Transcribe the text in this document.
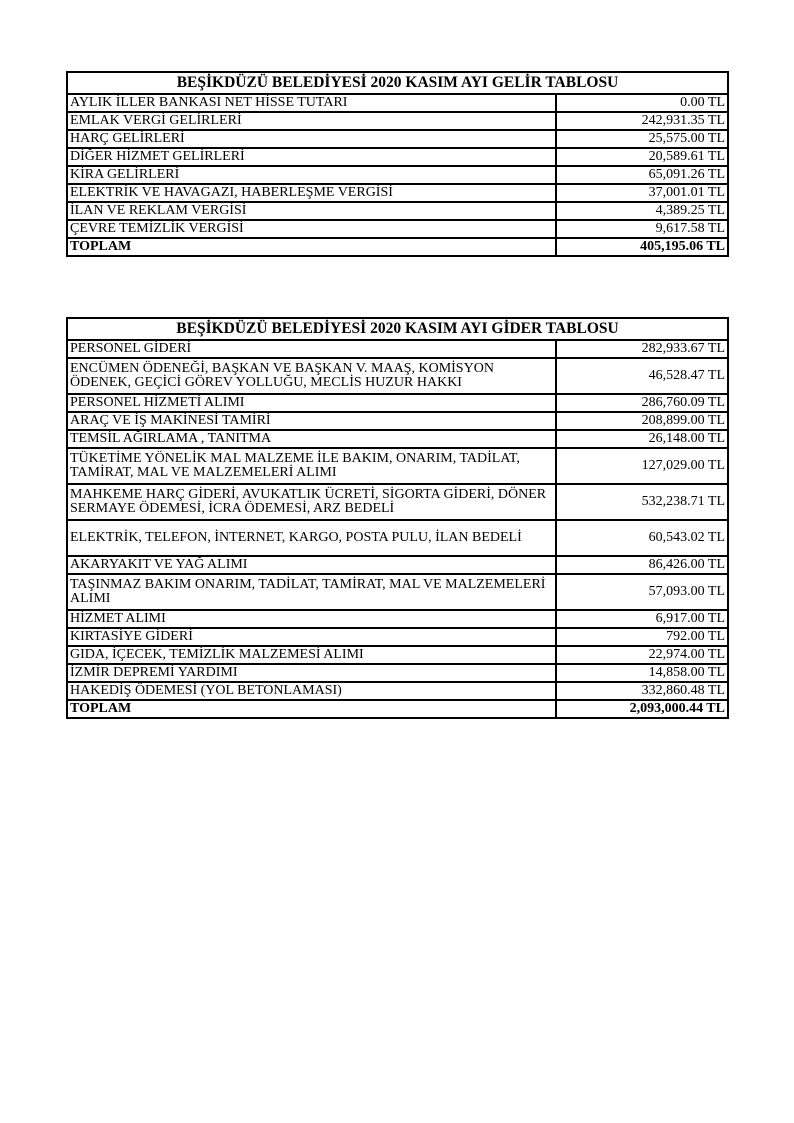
BEŞİKDÜZÜ BELEDİYESİ 2020 KASIM AYI GELİR TABLOSU	
AYLIK İLLER BANKASI NET HİSSE TUTARI	0.00 TL
EMLAK VERGİ GELİRLERİ	242,931.35 TL
HARÇ GELİRLERİ	25,575.00 TL
DİĞER HİZMET GELİRLERİ	20,589.61 TL
KİRA GELİRLERİ	65,091.26 TL
ELEKTRİK VE HAVAGAZI, HABERLEŞME VERGİSİ	37,001.01 TL
İLAN VE REKLAM VERGİSİ	4,389.25 TL
ÇEVRE TEMİZLİK VERGİSİ	9,617.58 TL
TOPLAM	405,195.06 TL
BEŞİKDÜZÜ BELEDİYESİ 2020 KASIM AYI GİDER TABLOSU	
PERSONEL GİDERİ	282,933.67 TL
ENCÜMEN ÖDENEĞİ, BAŞKAN VE BAŞKAN V. MAAŞ, KOMİSYON ÖDENEK, GEÇİCİ GÖREV YOLLUĞU, MECLİS HUZUR HAKKI	46,528.47 TL
PERSONEL HİZMETİ ALIMI	286,760.09 TL
ARAÇ VE İŞ MAKİNESİ TAMİRİ	208,899.00 TL
TEMSİL AĞIRLAMA , TANITMA	26,148.00 TL
TÜKETİME YÖNELİK MAL MALZEME İLE BAKIM, ONARIM, TADİLAT, TAMİRAT, MAL VE MALZEMELERİ ALIMI	127,029.00 TL
MAHKEME HARÇ GİDERİ, AVUKATLIK ÜCRETİ, SİGORTA GİDERİ, DÖNER SERMAYE ÖDEMESİ, İCRA ÖDEMESİ, ARZ BEDELİ	532,238.71 TL
ELEKTRİK, TELEFON, İNTERNET, KARGO, POSTA PULU, İLAN BEDELİ	60,543.02 TL
AKARYAKIT VE YAĞ ALIMI	86,426.00 TL
TAŞINMAZ BAKIM ONARIM, TADİLAT, TAMİRAT, MAL VE MALZEMELERİ ALIMI	57,093.00 TL
HİZMET ALIMI	6,917.00 TL
KIRTASİYE GİDERİ	792.00 TL
GIDA, İÇECEK, TEMİZLİK MALZEMESİ ALIMI	22,974.00 TL
İZMİR DEPREMİ YARDIMI	14,858.00 TL
HAKEDİŞ ÖDEMESİ (YOL BETONLAMASI)	332,860.48 TL
TOPLAM	2,093,000.44 TL
